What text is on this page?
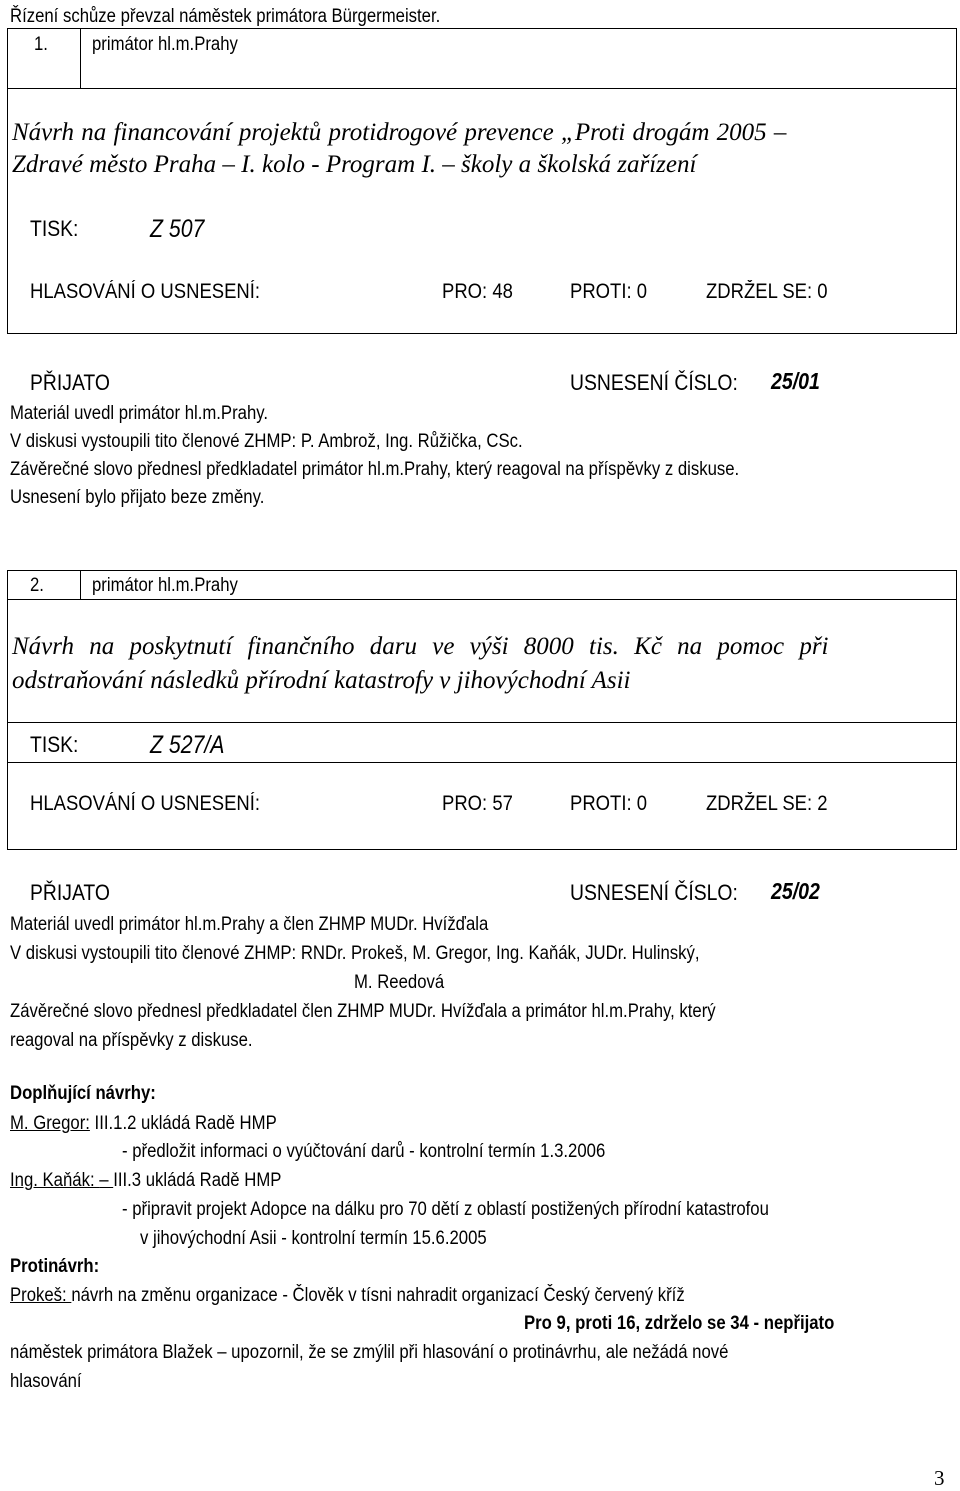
Řízení schůze převzal náměstek primátora Bürgermeister.
1. primátor hl.m.Prahy
Návrh na financování projektů protidrogové prevence „Proti drogám 2005 –
Zdravé město Praha – I. kolo - Program I. – školy a školská zařízení
TISK:	Z 507
HLASOVÁNÍ O USNESENÍ:	PRO: 48	PROTI: 0	ZDRŽEL SE: 0
PŘIJATO	USNESENÍ ČÍSLO: 25/01
Materiál uvedl primátor hl.m.Prahy.
V diskusi vystoupili tito členové ZHMP: P. Ambrož, Ing. Růžička, CSc.
Závěrečné slovo přednesl předkladatel primátor hl.m.Prahy, který reagoval na příspěvky z diskuse.
Usnesení bylo přijato beze změny.
2.	primátor hl.m.Prahy
Návrh na poskytnutí finančního daru ve výši 8000 tis. Kč na pomoc při
odstraňování následků přírodní katastrofy v jihovýchodní Asii
TISK:	Z 527/A
HLASOVÁNÍ O USNESENÍ:	PRO: 57	PROTI: 0	ZDRŽEL SE: 2
PŘIJATO	USNESENÍ ČÍSLO: 25/02
Materiál uvedl primátor hl.m.Prahy a člen ZHMP MUDr. Hvížďala
V diskusi vystoupili tito členové ZHMP: RNDr. Prokeš, M. Gregor, Ing. Kaňák, JUDr. Hulinský,
M. Reedová
Závěrečné slovo přednesl předkladatel člen ZHMP MUDr. Hvížďala a primátor hl.m.Prahy, který
reagoval na příspěvky z diskuse.
Doplňující návrhy:
M. Gregor: III.1.2 ukládá Radě HMP
- předložit informaci o vyúčtování darů - kontrolní termín 1.3.2006
Ing. Kaňák: – III.3 ukládá Radě HMP
- připravit projekt Adopce na dálku pro 70 dětí z oblastí postižených přírodní katastrofou
v jihovýchodní Asii - kontrolní termín 15.6.2005
Protinávrh:
Prokeš: návrh na změnu organizace - Člověk v tísni nahradit organizací Český červený kříž
Pro 9, proti 16, zdrželo se 34 - nepřijato
náměstek primátora Blažek – upozornil, že se zmýlil při hlasování o protinávrhu, ale nežádá nové
hlasování
3
